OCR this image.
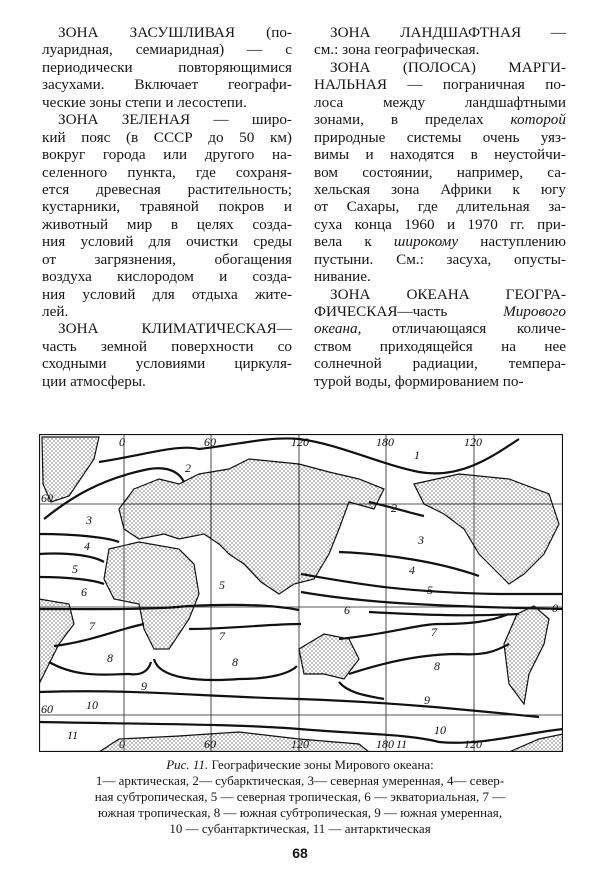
ЗОНА ЗАСУШЛИВАЯ (по-
луаридная, семиаридная) — с
периодически повторяющимися
засухами. Включает географи-
ческие зоны степи и лесостепи.
ЗОНА ЗЕЛЕНАЯ — широ-
кий пояс (в СССР до 50 км)
вокруг города или другого на-
селенного пункта, где сохраня-
ется древесная растительность;
кустарники, травяной покров и
животный мир в целях созда-
ния условий для очистки среды
от загрязнения, обогащения
воздуха кислородом и созда-
ния условий для отдыха жите-
лей.
ЗОНА КЛИМАТИЧЕСКАЯ—
часть земной поверхности со
сходными условиями циркуля-
ции атмосферы.
ЗОНА ЛАНДШАФТНАЯ —
см.: зона географическая.
ЗОНА (ПОЛОСА) МАРГИ-
НАЛЬНАЯ — пограничная по-
лоса между ландшафтными
зонами, в пределах которой
природные системы очень уяз-
вимы и находятся в неустойчи-
вом состоянии, например, са-
хельская зона Африки к югу
от Сахары, где длительная за-
суха конца 1960 и 1970 гг. при-
вела к широкому наступлению
пустыни. См.: засуха, опусты-
нивание.
ЗОНА ОКЕАНА ГЕОГРА-
ФИЧЕСКАЯ—часть Мирового
океана, отличающаяся количе-
ством приходящейся на нее
солнечной радиации, темпера-
турой воды, формированием по-
0	60	120	180	120
0	60	120	180	120
60
0
60
1
2
2
3
3
4
4
5
5	5
6
6
7
7	7
8	8	8
9
9
10
10
11
11
Рис. 11. Географические зоны Мирового океана:
1— арктическая, 2— субарктическая, 3— северная умеренная, 4— север-
ная субтропическая, 5 — северная тропическая, 6 — экваториальная, 7 —
южная тропическая, 8 — южная субтропическая, 9 — южная умеренная,
10 — субантарктическая, 11 — антарктическая
68
